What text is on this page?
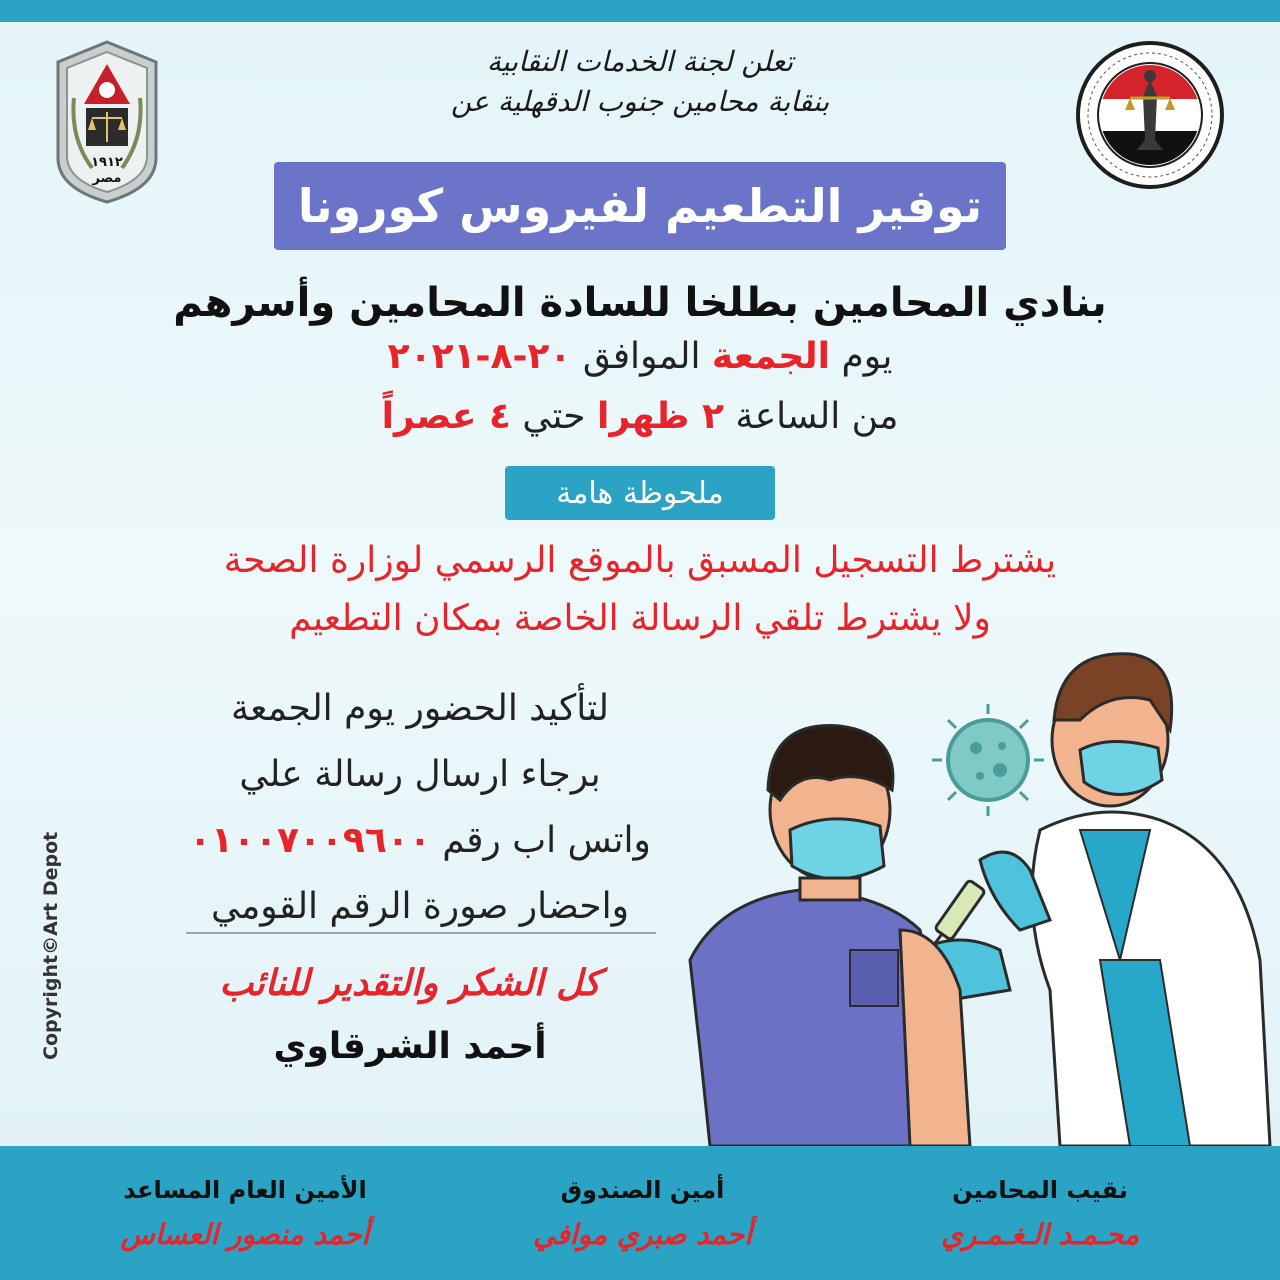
١٩١٢
مصر
تعلن لجنة الخدمات النقابية
بنقابة محامين جنوب الدقهلية عن
توفير التطعيم لفيروس كورونا
بنادي المحامين بطلخا للسادة المحامين وأسرهم
يوم الجمعة الموافق ٢٠-٨-٢٠٢١
من الساعة ٢ ظهرا حتي ٤ عصراً
ملحوظة هامة
يشترط التسجيل المسبق بالموقع الرسمي لوزارة الصحة
ولا يشترط تلقي الرسالة الخاصة بمكان التطعيم
لتأكيد الحضور يوم الجمعة
برجاء ارسال رسالة علي
واتس اب رقم ٠١٠٠٧٠٠٩٦٠٠
واحضار صورة الرقم القومي
كل الشكر والتقدير للنائب
أحمد الشرقاوي
Copyright©Art Depot
نقيب المحامين
محـمـد الـغـمـري
أمين الصندوق
أحمد صبري موافي
الأمين العام المساعد
أحمد منصور العساس
